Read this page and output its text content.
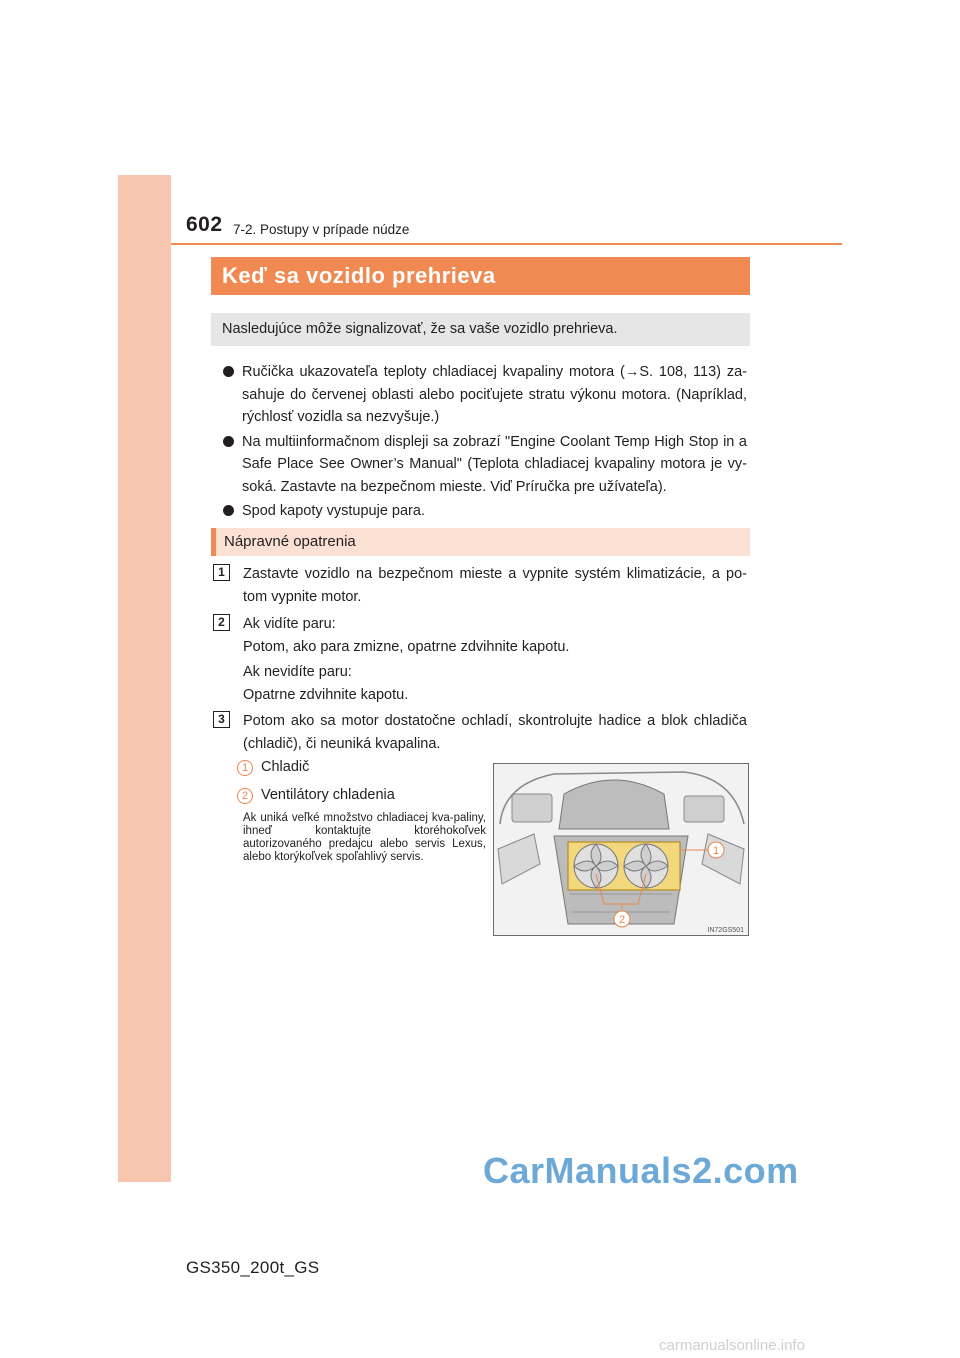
602 7-2. Postupy v prípade núdze
Keď sa vozidlo prehrieva
Nasledujúce môže signalizovať, že sa vaše vozidlo prehrieva.
Ručička ukazovateľa teploty chladiacej kvapaliny motora (→S. 108, 113) za-sahuje do červenej oblasti alebo pociťujete stratu výkonu motora. (Napríklad, rýchlosť vozidla sa nezvyšuje.)
Na multiinformačnom displeji sa zobrazí "Engine Coolant Temp High Stop in a Safe Place See Owner’s Manual" (Teplota chladiacej kvapaliny motora je vy-soká. Zastavte na bezpečnom mieste. Viď Príručka pre užívateľa).
Spod kapoty vystupuje para.
Nápravné opatrenia
1	Zastavte vozidlo na bezpečnom mieste a vypnite systém klimatizácie, a po-tom vypnite motor.
2	Ak vidíte paru:
Potom, ako para zmizne, opatrne zdvihnite kapotu.
Ak nevidíte paru:
Opatrne zdvihnite kapotu.
3	Potom ako sa motor dostatočne ochladí, skontrolujte hadice a blok chladiča (chladič), či neuniká kvapalina.
1 Chladič
2 Ventilátory chladenia
Ak uniká veľké množstvo chladiacej kva-paliny, ihneď kontaktujte ktoréhokoľvek autorizovaného predajcu alebo servis Lexus, alebo ktorýkoľvek spoľahlivý servis.	1
2
IN72GS501
GS350_200t_GS
CarManuals2.com
carmanualsonline.info
